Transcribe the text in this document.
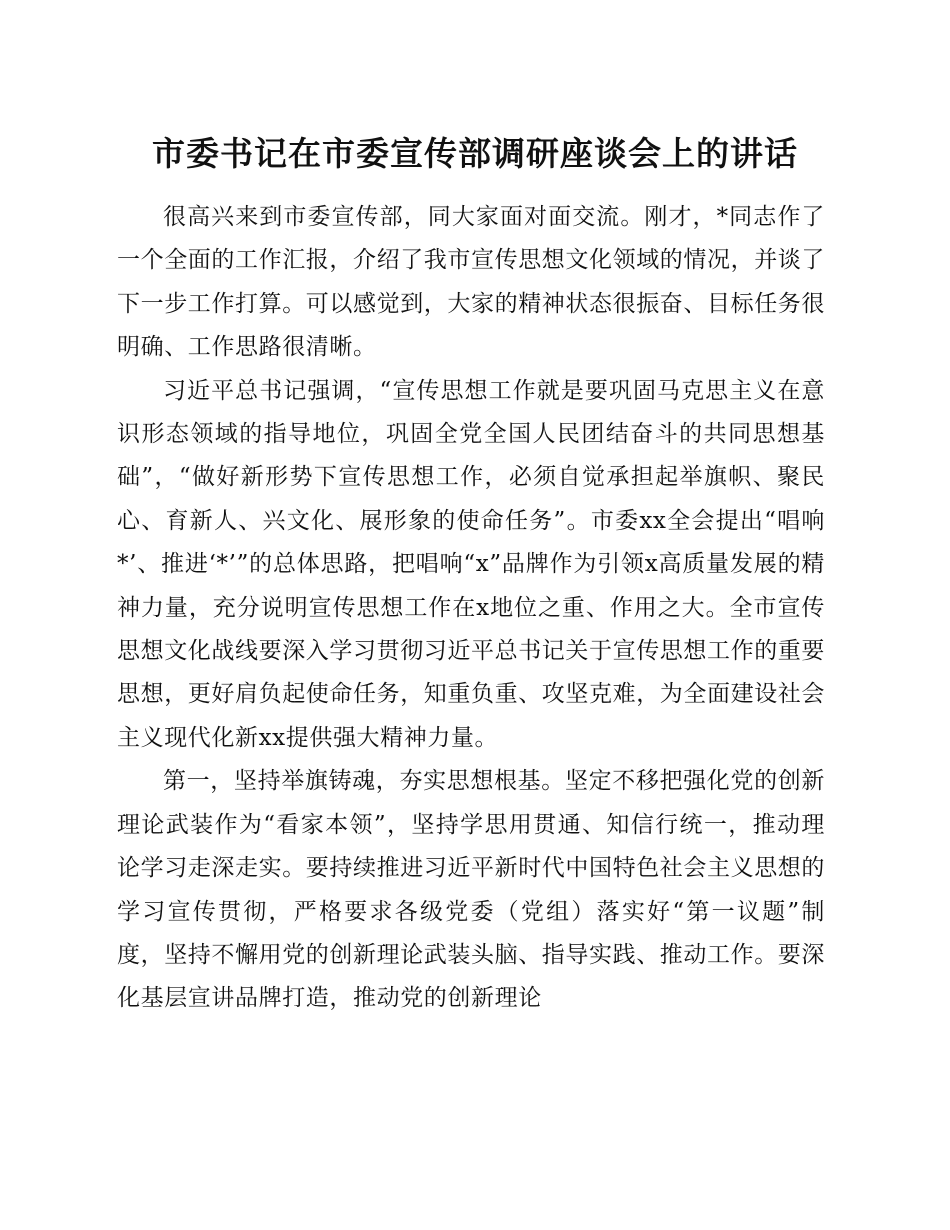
市委书记在市委宣传部调研座谈会上的讲话

很高兴来到市委宣传部，同大家面对面交流。刚才，*同志作了一个全面的工作汇报，介绍了我市宣传思想文化领域的情况，并谈了下一步工作打算。可以感觉到，大家的精神状态很振奋、目标任务很明确、工作思路很清晰。

习近平总书记强调，“宣传思想工作就是要巩固马克思主义在意识形态领域的指导地位，巩固全党全国人民团结奋斗的共同思想基础”，“做好新形势下宣传思想工作，必须自觉承担起举旗帜、聚民心、育新人、兴文化、展形象的使命任务”。市委xx全会提出“唱响*’、推进‘*’”的总体思路，把唱响“x”品牌作为引领x高质量发展的精神力量，充分说明宣传思想工作在x地位之重、作用之大。全市宣传思想文化战线要深入学习贯彻习近平总书记关于宣传思想工作的重要思想，更好肩负起使命任务，知重负重、攻坚克难，为全面建设社会主义现代化新xx提供强大精神力量。

第一，坚持举旗铸魂，夯实思想根基。坚定不移把强化党的创新理论武装作为“看家本领”，坚持学思用贯通、知信行统一，推动理论学习走深走实。要持续推进习近平新时代中国特色社会主义思想的学习宣传贯彻，严格要求各级党委（党组）落实好“第一议题”制度，坚持不懈用党的创新理论武装头脑、指导实践、推动工作。要深化基层宣讲品牌打造，推动党的创新理论
